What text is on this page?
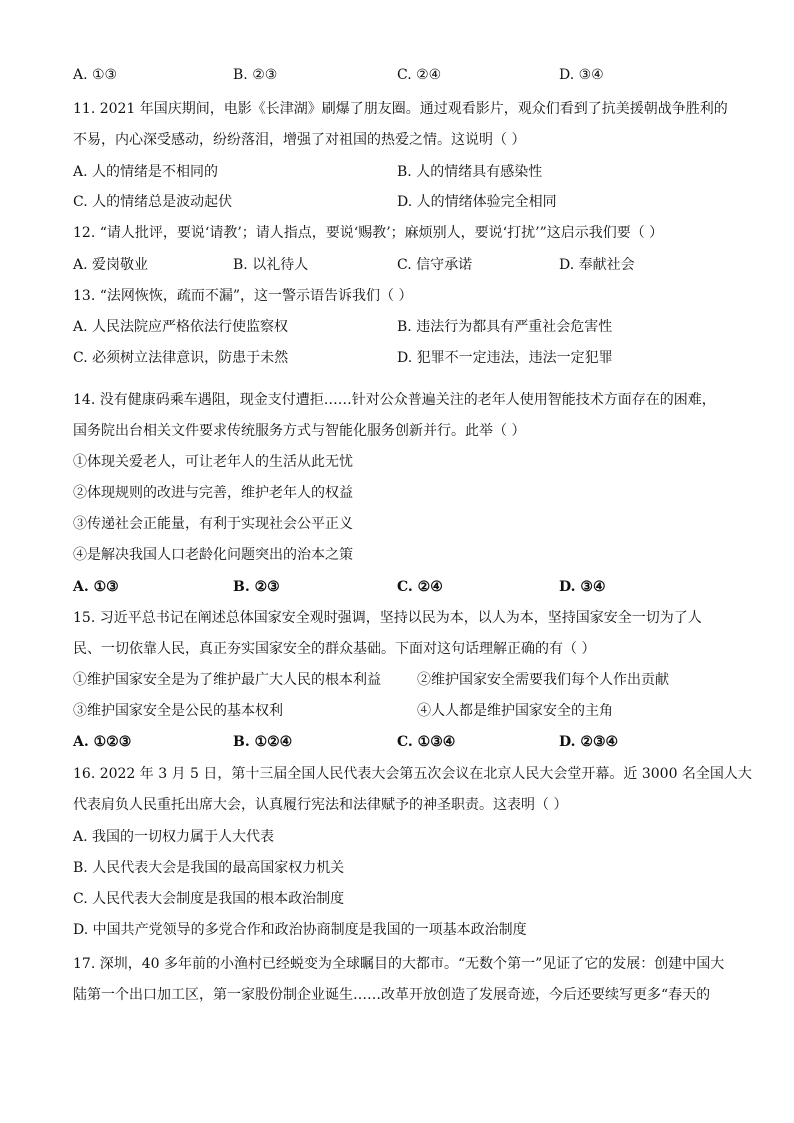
A. ①③	B. ②③	C. ②④	D. ③④
11. 2021 年国庆期间，电影《长津湖》刷爆了朋友圈。通过观看影片，观众们看到了抗美援朝战争胜利的
不易，内心深受感动，纷纷落泪，增强了对祖国的热爱之情。这说明（ ）
A. 人的情绪是不相同的	B. 人的情绪具有感染性
C. 人的情绪总是波动起伏	D. 人的情绪体验完全相同
12. “请人批评，要说‘请教’；请人指点，要说‘赐教’；麻烦别人，要说‘打扰’”这启示我们要（ ）
A. 爱岗敬业	B. 以礼待人	C. 信守承诺	D. 奉献社会
13. “法网恢恢，疏而不漏”，这一警示语告诉我们（ ）
A. 人民法院应严格依法行使监察权	B. 违法行为都具有严重社会危害性
C. 必须树立法律意识，防患于未然	D. 犯罪不一定违法，违法一定犯罪
14. 没有健康码乘车遇阻，现金支付遭拒……针对公众普遍关注的老年人使用智能技术方面存在的困难，
国务院出台相关文件要求传统服务方式与智能化服务创新并行。此举（ ）
①体现关爱老人，可让老年人的生活从此无忧
②体现规则的改进与完善，维护老年人的权益
③传递社会正能量，有利于实现社会公平正义
④是解决我国人口老龄化问题突出的治本之策
A. ①③	B. ②③	C. ②④	D. ③④
15. 习近平总书记在阐述总体国家安全观时强调，坚持以民为本，以人为本，坚持国家安全一切为了人
民、一切依靠人民，真正夯实国家安全的群众基础。下面对这句话理解正确的有（ ）
①维护国家安全是为了维护最广大人民的根本利益	②维护国家安全需要我们每个人作出贡献
③维护国家安全是公民的基本权利	④人人都是维护国家安全的主角
A. ①②③	B. ①②④	C. ①③④	D. ②③④
16. 2022 年 3 月 5 日，第十三届全国人民代表大会第五次会议在北京人民大会堂开幕。近 3000 名全国人大
代表肩负人民重托出席大会，认真履行宪法和法律赋予的神圣职责。这表明（ ）
A. 我国的一切权力属于人大代表
B. 人民代表大会是我国的最高国家权力机关
C. 人民代表大会制度是我国的根本政治制度
D. 中国共产党领导的多党合作和政治协商制度是我国的一项基本政治制度
17. 深圳，40 多年前的小渔村已经蜕变为全球瞩目的大都市。“无数个第一”见证了它的发展：创建中国大
陆第一个出口加工区，第一家股份制企业诞生……改革开放创造了发展奇迹，今后还要续写更多“春天的
